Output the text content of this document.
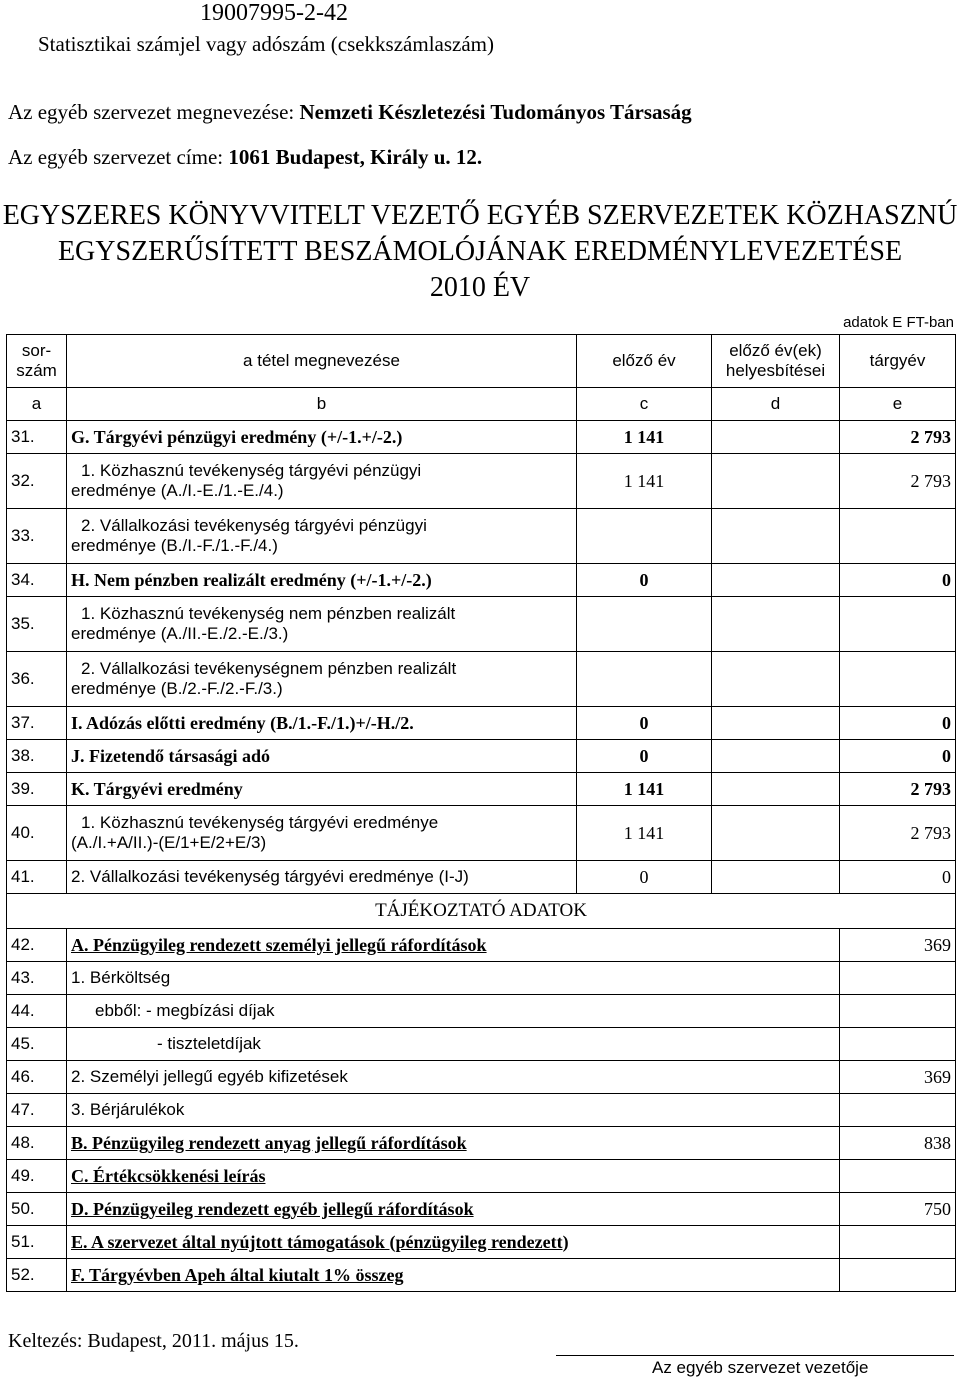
19007995-2-42
Statisztikai számjel vagy adószám (csekkszámlaszám)
Az egyéb szervezet megnevezése: Nemzeti Készletezési Tudományos Társaság
Az egyéb szervezet címe: 1061 Budapest, Király u. 12.
EGYSZERES KÖNYVVITELT VEZETŐ EGYÉB SZERVEZETEK KÖZHASZNÚ
EGYSZERŰSÍTETT BESZÁMOLÓJÁNAK EREDMÉNYLEVEZETÉSE
2010 ÉV
adatok E FT-ban
sor-
szám	a tétel megnevezése	előző év	előző év(ek)
helyesbítései	tárgyév
a	b	c	d	e
31.	G. Tárgyévi pénzügyi eredmény (+/-1.+/-2.)	1 141		2 793
32.	1. Közhasznú tevékenység tárgyévi pénzügyi
eredménye (A./I.-E./1.-E./4.)	1 141		2 793
33.	2. Vállalkozási tevékenység tárgyévi pénzügyi
eredménye (B./I.-F./1.-F./4.)			

34.	H. Nem pénzben realizált eredmény (+/-1.+/-2.)	0		0
35.	1. Közhasznú tevékenység nem pénzben realizált
eredménye (A./II.-E./2.-E./3.)			

36.	2. Vállalkozási tevékenységnem pénzben realizált
eredménye (B./2.-F./2.-F./3.)			

37.	I. Adózás előtti eredmény (B./1.-F./1.)+/-H./2.	0		0
38.	J. Fizetendő társasági adó	0		0
39.	K. Tárgyévi eredmény	1 141		2 793
40.	1. Közhasznú tevékenység tárgyévi eredménye
(A./I.+A/II.)-(E/1+E/2+E/3)	1 141		2 793
41.	2. Vállalkozási tevékenység tárgyévi eredménye (I-J)	0		0
TÁJÉKOZTATÓ ADATOK				
42.	A. Pénzügyileg rendezett személyi jellegű ráfordítások			369
43.	1. Bérköltség			
44.	ebből: - megbízási díjak			
45.	- tiszteletdíjak			
46.	2. Személyi jellegű egyéb kifizetések			369
47.	3. Bérjárulékok			
48.	B. Pénzügyileg rendezett anyag jellegű ráfordítások			838
49.	C. Értékcsökkenési leírás			
50.	D. Pénzügyeileg rendezett egyéb jellegű ráfordítások			750
51.	E. A szervezet által nyújtott támogatások (pénzügyileg rendezett)			
52.	F. Tárgyévben Apeh által kiutalt 1% összeg			
Keltezés: Budapest, 2011. május 15.
Az egyéb szervezet vezetője
